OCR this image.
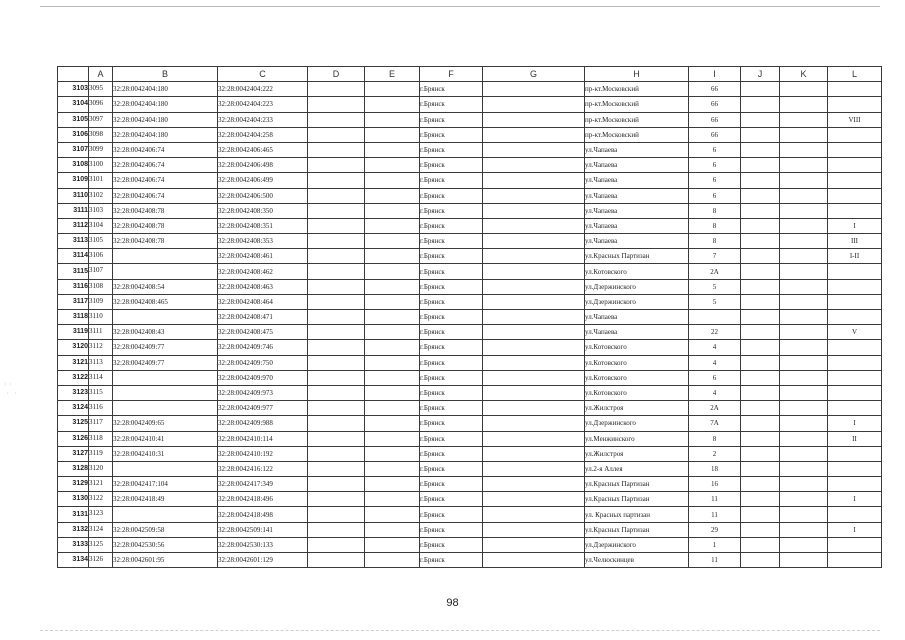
· ·
·  ·
	A	B	C	D	E	F	G	H	I	J	K	L
3103	3095	32:28:0042404:180	32:28:0042404:222			г.Брянск		пр-кт.Московский	66			
3104	3096	32:28:0042404:180	32:28:0042404:223			г.Брянск		пр-кт.Московский	66			
3105	3097	32:28:0042404:180	32:28:0042404:233			г.Брянск		пр-кт.Московский	66			VIII
3106	3098	32:28:0042404:180	32:28:0042404:258			г.Брянск		пр-кт.Московский	66			
3107	3099	32:28:0042406:74	32:28:0042406:465			г.Брянск		ул.Чапаева	6			
3108	3100	32:28:0042406:74	32:28:0042406:498			г.Брянск		ул.Чапаева	6			
3109	3101	32:28:0042406:74	32:28:0042406:499			г.Брянск		ул.Чапаева	6			
3110	3102	32:28:0042406:74	32:28:0042406:500			г.Брянск		ул.Чапаева	6			
3111	3103	32:28:0042408:78	32:28:0042408:350			г.Брянск		ул.Чапаева	8			
3112	3104	32:28:0042408:78	32:28:0042408:351			г.Брянск		ул.Чапаева	8			I
3113	3105	32:28:0042408:78	32:28:0042408:353			г.Брянск		ул.Чапаева	8			III
3114	3106		32:28:0042408:461			г.Брянск		ул.Красных Партизан	7			I-II
3115	3107		32:28:0042408:462			г.Брянск		ул.Котовского	2А			
3116	3108	32:28:0042408:54	32:28:0042408:463			г.Брянск		ул.Дзержинского	5			
3117	3109	32:28:0042408:465	32:28:0042408:464			г.Брянск		ул.Дзержинского	5			
3118	3110		32:28:0042408:471			г.Брянск		ул.Чапаева				
3119	3111	32:28:0042408:43	32:28:0042408:475			г.Брянск		ул.Чапаева	22			V
3120	3112	32:28:0042409:77	32:28:0042409:746			г.Брянск		ул.Котовского	4			
3121	3113	32:28:0042409:77	32:28:0042409:750			г.Брянск		ул.Котовского	4			
3122	3114		32:28:0042409:970			г.Брянск		ул.Котовского	6			
3123	3115		32:28:0042409:973			г.Брянск		ул.Котовского	4			
3124	3116		32:28:0042409:977			г.Брянск		ул.Жилстроя	2А			
3125	3117	32:28:0042409:65	32:28:0042409:988			г.Брянск		ул.Дзержинского	7А			I
3126	3118	32:28:0042410:41	32:28:0042410:114			г.Брянск		ул.Менжинского	8			II
3127	3119	32:28:0042410:31	32:28:0042410:192			г.Брянск		ул.Жилстроя	2			
3128	3120		32:28:0042416:122			г.Брянск		ул.2-я Аллея	18			
3129	3121	32:28:0042417:104	32:28:0042417:349			г.Брянск		ул.Красных Партизан	16			
3130	3122	32:28:0042418:49	32:28:0042418:496			г.Брянск		ул.Красных Партизан	11			I
3131	3123		32:28:0042418:498			г.Брянск		ул. Красных партизан	11			
3132	3124	32:28:0042509:58	32:28:0042509:141			г.Брянск		ул.Красных Партизан	29			I
3133	3125	32:28:0042530:56	32:28:0042530:133			г.Брянск		ул.Дзержинского	1			
3134	3126	32:28:0042601:95	32:28:0042601:129			г.Брянск		ул.Челюскинцев	11			
98
